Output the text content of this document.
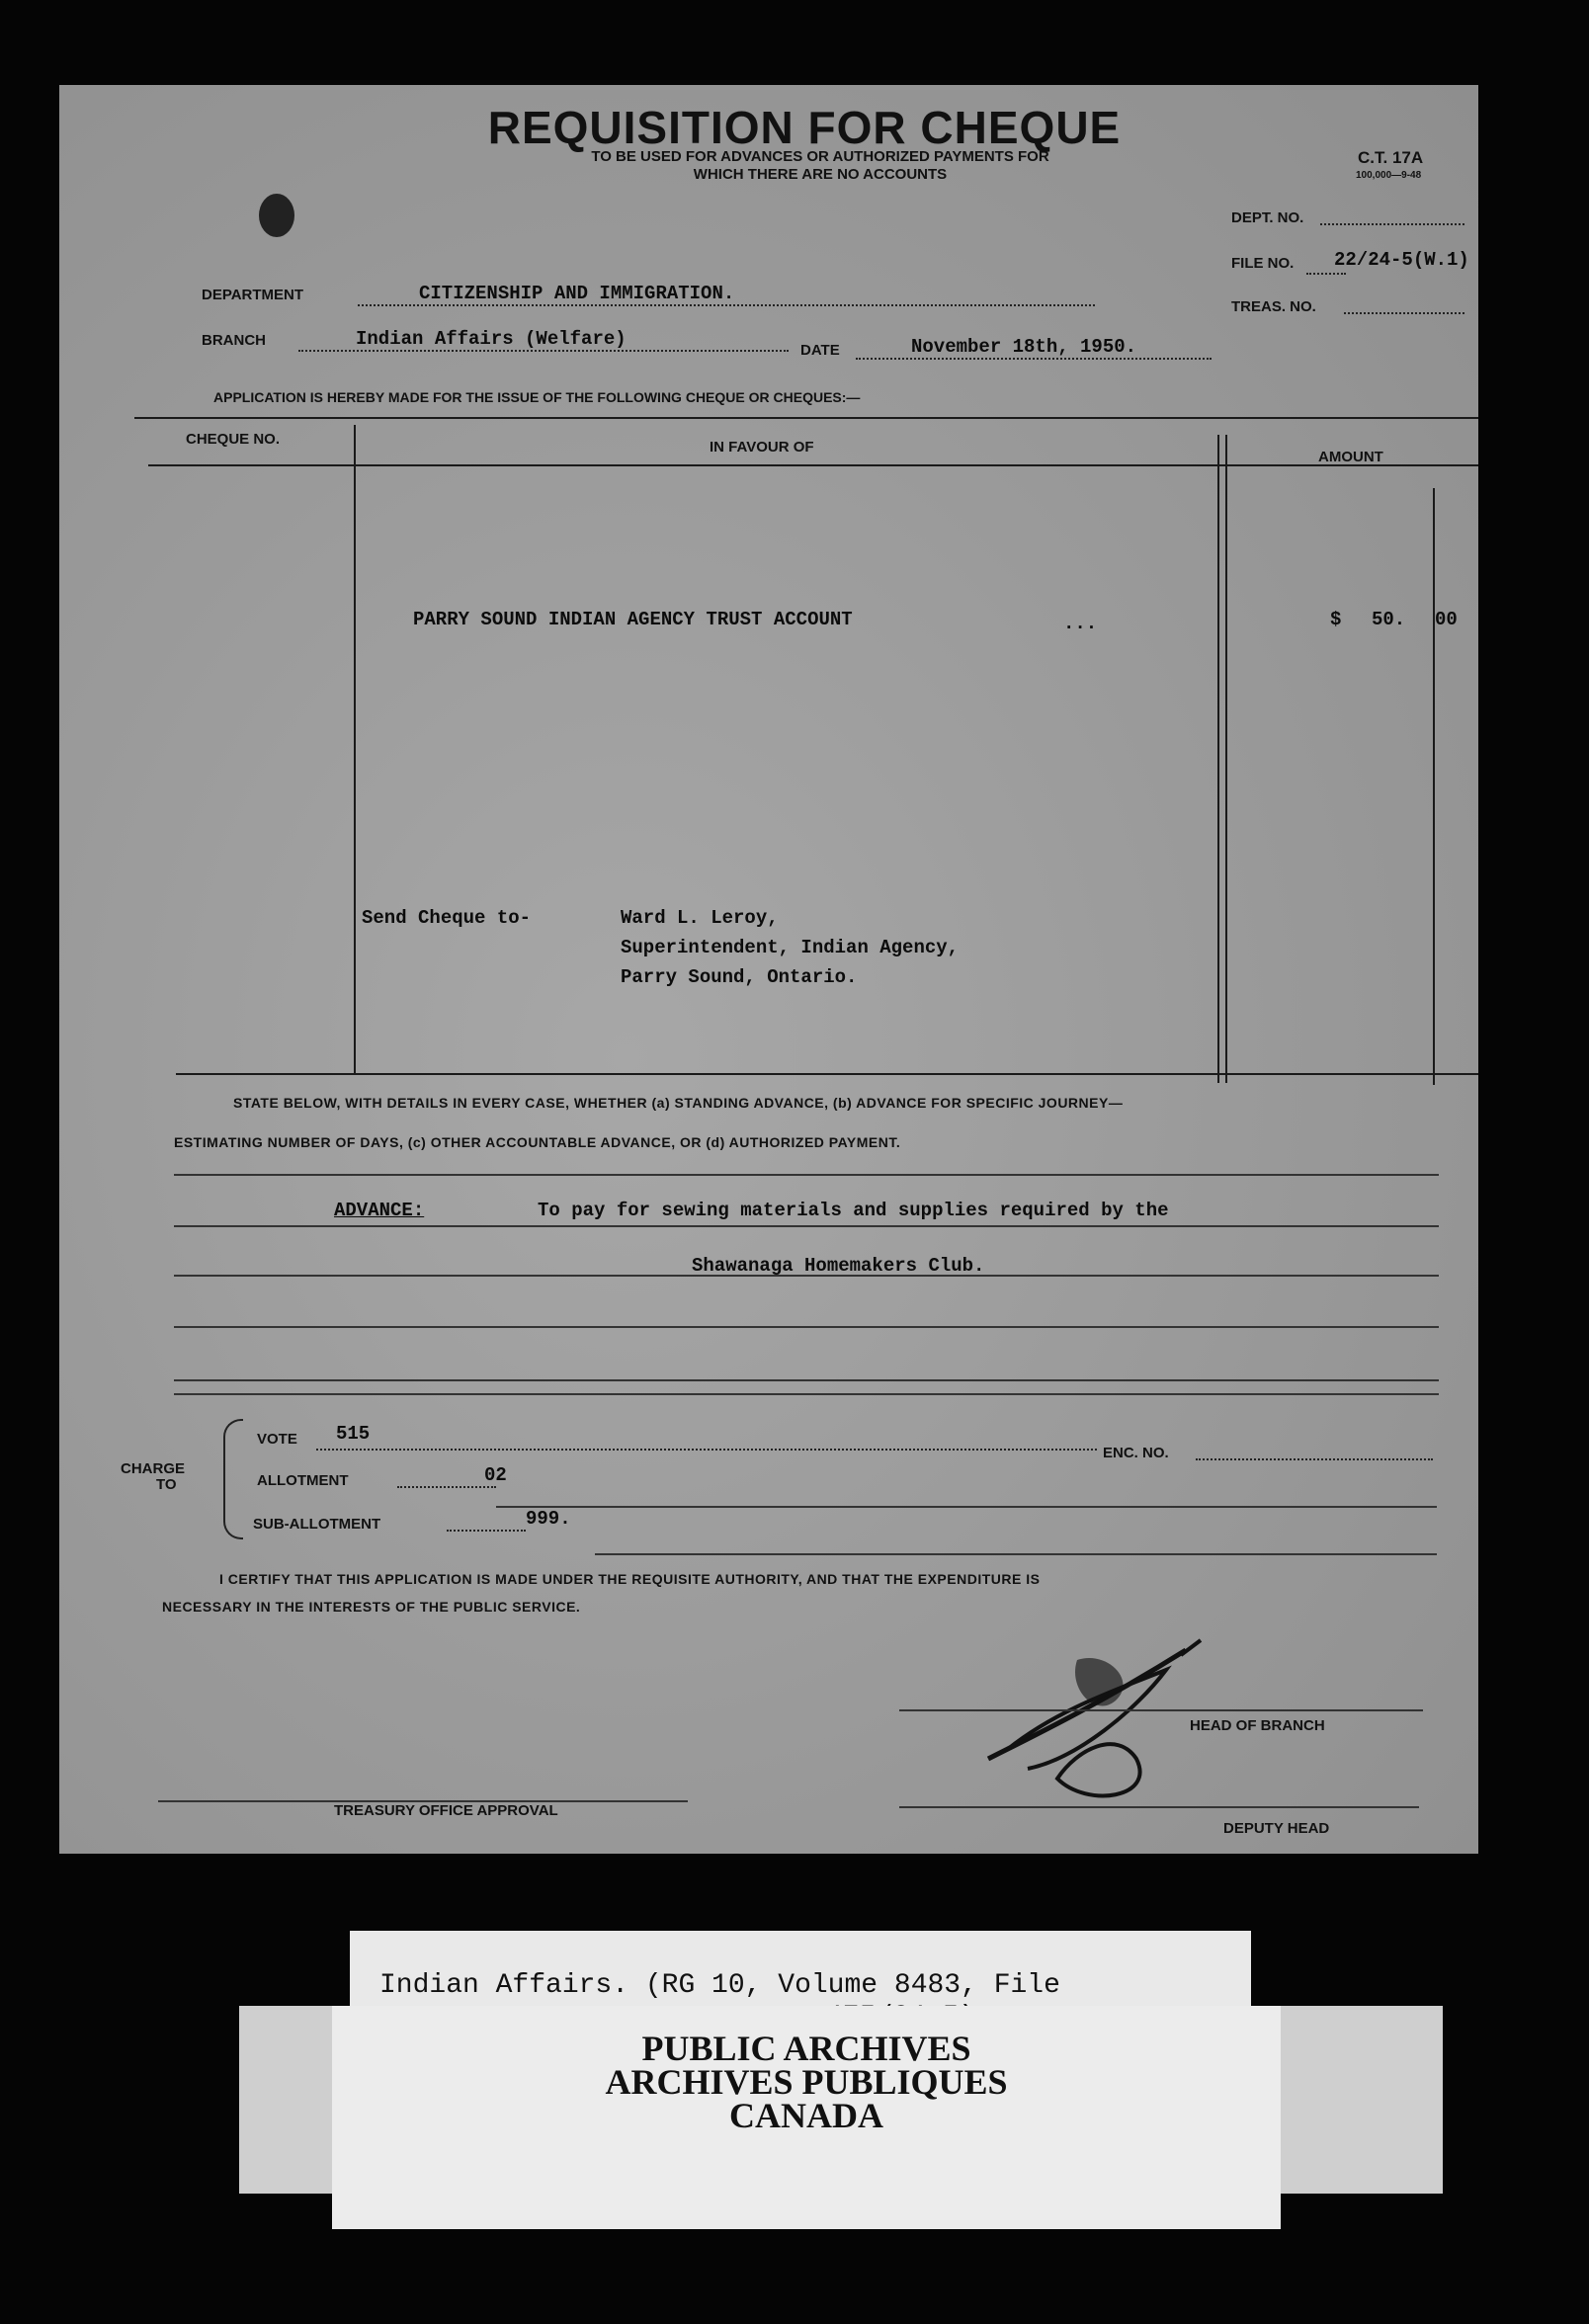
C.T. 17A
100,000—9-48
REQUISITION FOR CHEQUE
TO BE USED FOR ADVANCES OR AUTHORIZED PAYMENTS FOR
WHICH THERE ARE NO ACCOUNTS
DEPT. NO.
FILE NO. 22/24-5(W.1)
TREAS. NO.
DEPARTMENT	CITIZENSHIP AND IMMIGRATION.
BRANCH	Indian Affairs (Welfare)
DATE	November 18th, 1950.
APPLICATION IS HEREBY MADE FOR THE ISSUE OF THE FOLLOWING CHEQUE OR CHEQUES:—
CHEQUE NO.	IN FAVOUR OF
AMOUNT
PARRY SOUND INDIAN AGENCY TRUST ACCOUNT	...	$ 50. 00
Send Cheque to-	Ward L. Leroy,
Superintendent, Indian Agency,
Parry Sound, Ontario.
STATE BELOW, WITH DETAILS IN EVERY CASE, WHETHER (a) STANDING ADVANCE, (b) ADVANCE FOR SPECIFIC JOURNEY—
ESTIMATING NUMBER OF DAYS, (c) OTHER ACCOUNTABLE ADVANCE, OR (d) AUTHORIZED PAYMENT.
ADVANCE:	To pay for sewing materials and supplies required by the
Shawanaga Homemakers Club.
CHARGE
TO
VOTE 515
ENC. NO.
ALLOTMENT	02
SUB-ALLOTMENT	999.
I CERTIFY THAT THIS APPLICATION IS MADE UNDER THE REQUISITE AUTHORITY, AND THAT THE EXPENDITURE IS
NECESSARY IN THE INTERESTS OF THE PUBLIC SERVICE.
HEAD OF BRANCH
TREASURY OFFICE APPROVAL
DEPUTY HEAD
Indian Affairs. (RG 10, Volume 8483, File

PUBLIC ARCHIVES
ARCHIVES PUBLIQUES
CANADA
